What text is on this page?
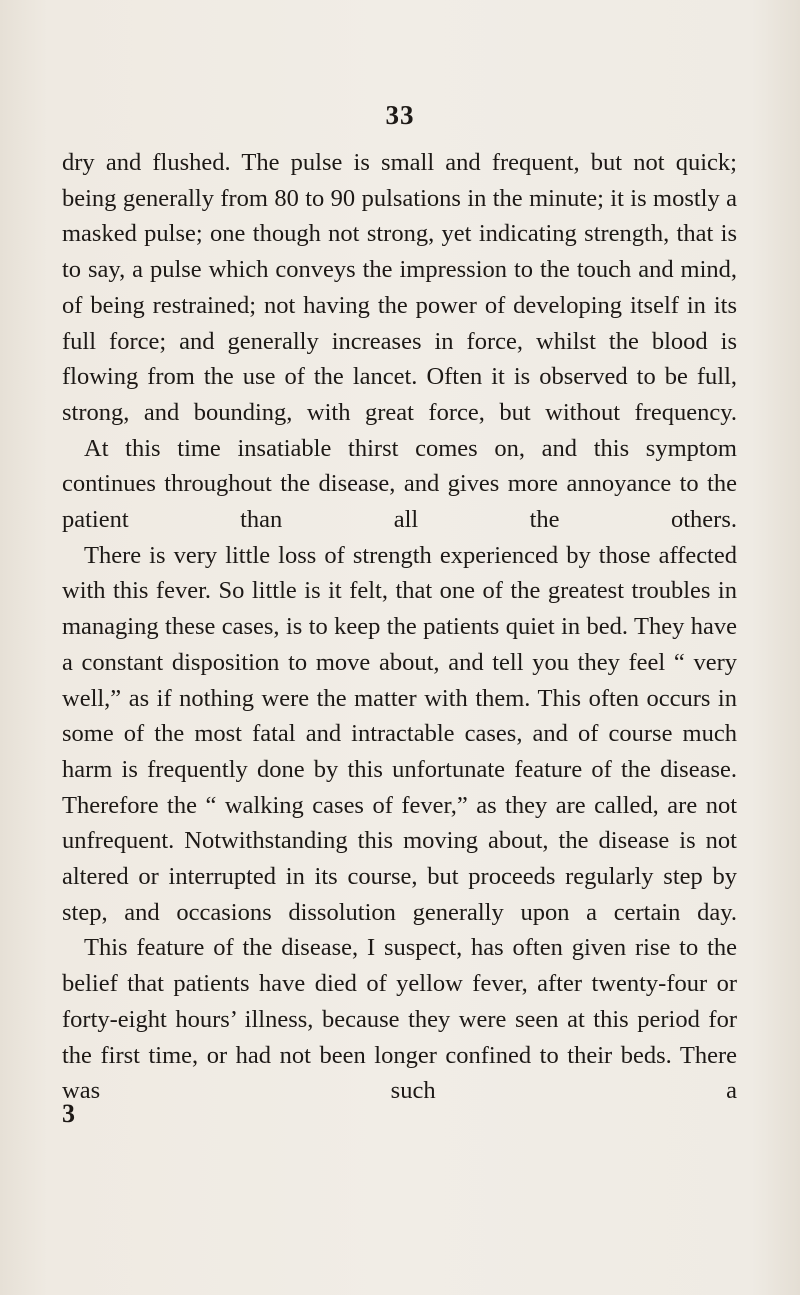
33

dry and flushed. The pulse is small and frequent, but not quick; being generally from 80 to 90 pulsations in the minute; it is mostly a masked pulse; one though not strong, yet indicating strength, that is to say, a pulse which conveys the impression to the touch and mind, of being restrained; not having the power of developing itself in its full force; and generally increases in force, whilst the blood is flowing from the use of the lancet. Often it is observed to be full, strong, and bounding, with great force, but without frequency.

At this time insatiable thirst comes on, and this symptom continues throughout the disease, and gives more annoyance to the patient than all the others.

There is very little loss of strength experienced by those affected with this fever. So little is it felt, that one of the greatest troubles in managing these cases, is to keep the patients quiet in bed. They have a constant disposition to move about, and tell you they feel “ very well,” as if nothing were the matter with them. This often occurs in some of the most fatal and intractable cases, and of course much harm is frequently done by this unfortunate feature of the disease. Therefore the “ walking cases of fever,” as they are called, are not unfrequent. Notwithstanding this moving about, the disease is not altered or interrupted in its course, but proceeds regularly step by step, and occasions dissolution generally upon a certain day.

This feature of the disease, I suspect, has often given rise to the belief that patients have died of yellow fever, after twenty-four or forty-eight hours’ illness, because they were seen at this period for the first time, or had not been longer confined to their beds. There was such a

3
